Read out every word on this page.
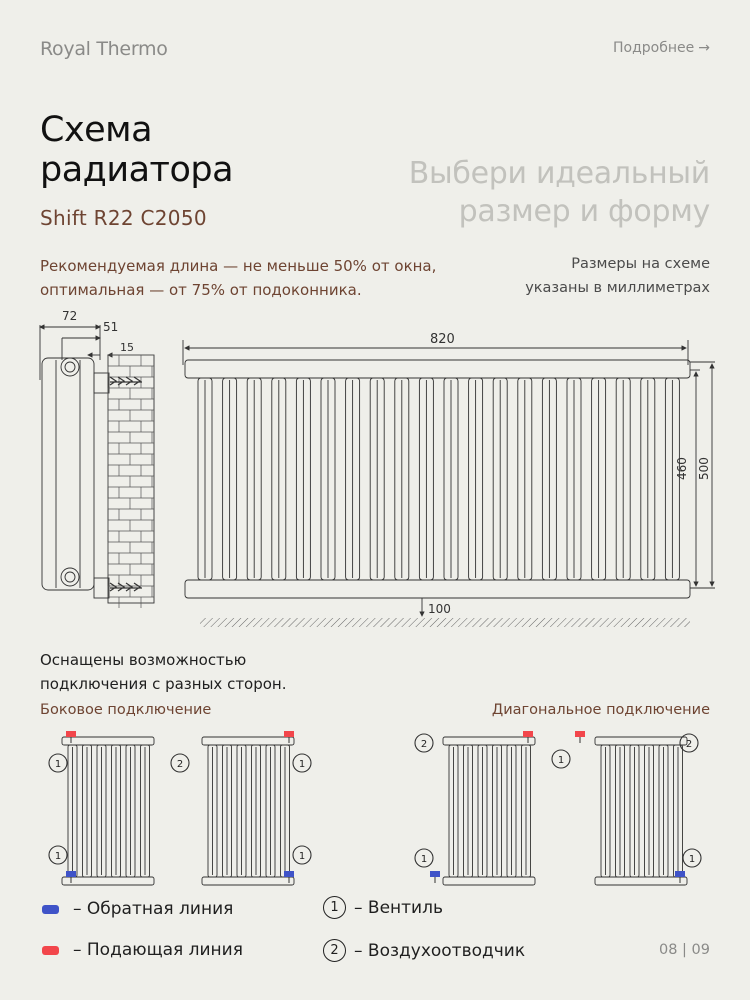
Royal Thermo	Подробнее →
Схема
радиатора
Shift R22 C2050
Выбери идеальный
размер и форму
Рекомендуемая длина — не меньше 50% от окна,
оптимальная — от 75% от подоконника.
Размеры на схеме
указаны в миллиметрах
72
51
15
820
460 500
100
Оснащены возможностью
подключения с разных сторон.
Боковое подключение	Диагональное подключение
1
1
2	1
1
2
1
1
2
1
– Обратная линия
– Подающая линия
1 – Вентиль
2 – Воздухоотводчик	08 | 09
